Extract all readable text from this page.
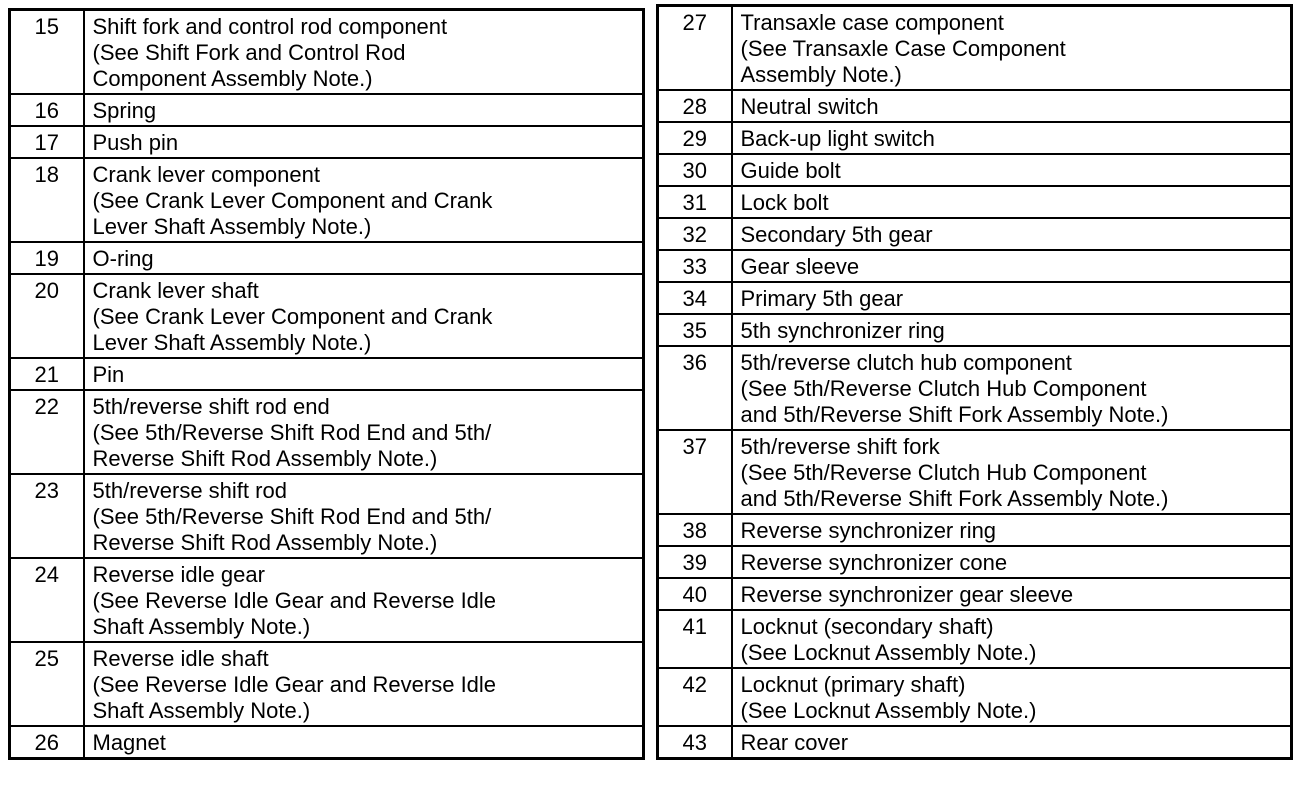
15	Shift fork and control rod component
(See Shift Fork and Control Rod
Component Assembly Note.)

16	Spring

17	Push pin

18	Crank lever component
(See Crank Lever Component and Crank
Lever Shaft Assembly Note.)

19	O-ring

20	Crank lever shaft
(See Crank Lever Component and Crank
Lever Shaft Assembly Note.)

21	Pin

22	5th/reverse shift rod end
(See 5th/Reverse Shift Rod End and 5th/
Reverse Shift Rod Assembly Note.)

23	5th/reverse shift rod
(See 5th/Reverse Shift Rod End and 5th/
Reverse Shift Rod Assembly Note.)

24	Reverse idle gear
(See Reverse Idle Gear and Reverse Idle
Shaft Assembly Note.)

25	Reverse idle shaft
(See Reverse Idle Gear and Reverse Idle
Shaft Assembly Note.)

26	Magnet
27	Transaxle case component
(See Transaxle Case Component
Assembly Note.)

28	Neutral switch

29	Back-up light switch

30	Guide bolt

31	Lock bolt

32	Secondary 5th gear

33	Gear sleeve

34	Primary 5th gear

35	5th synchronizer ring

36	5th/reverse clutch hub component
(See 5th/Reverse Clutch Hub Component
and 5th/Reverse Shift Fork Assembly Note.)

37	5th/reverse shift fork
(See 5th/Reverse Clutch Hub Component
and 5th/Reverse Shift Fork Assembly Note.)

38	Reverse synchronizer ring

39	Reverse synchronizer cone

40	Reverse synchronizer gear sleeve

41	Locknut (secondary shaft)
(See Locknut Assembly Note.)

42	Locknut (primary shaft)
(See Locknut Assembly Note.)

43	Rear cover
